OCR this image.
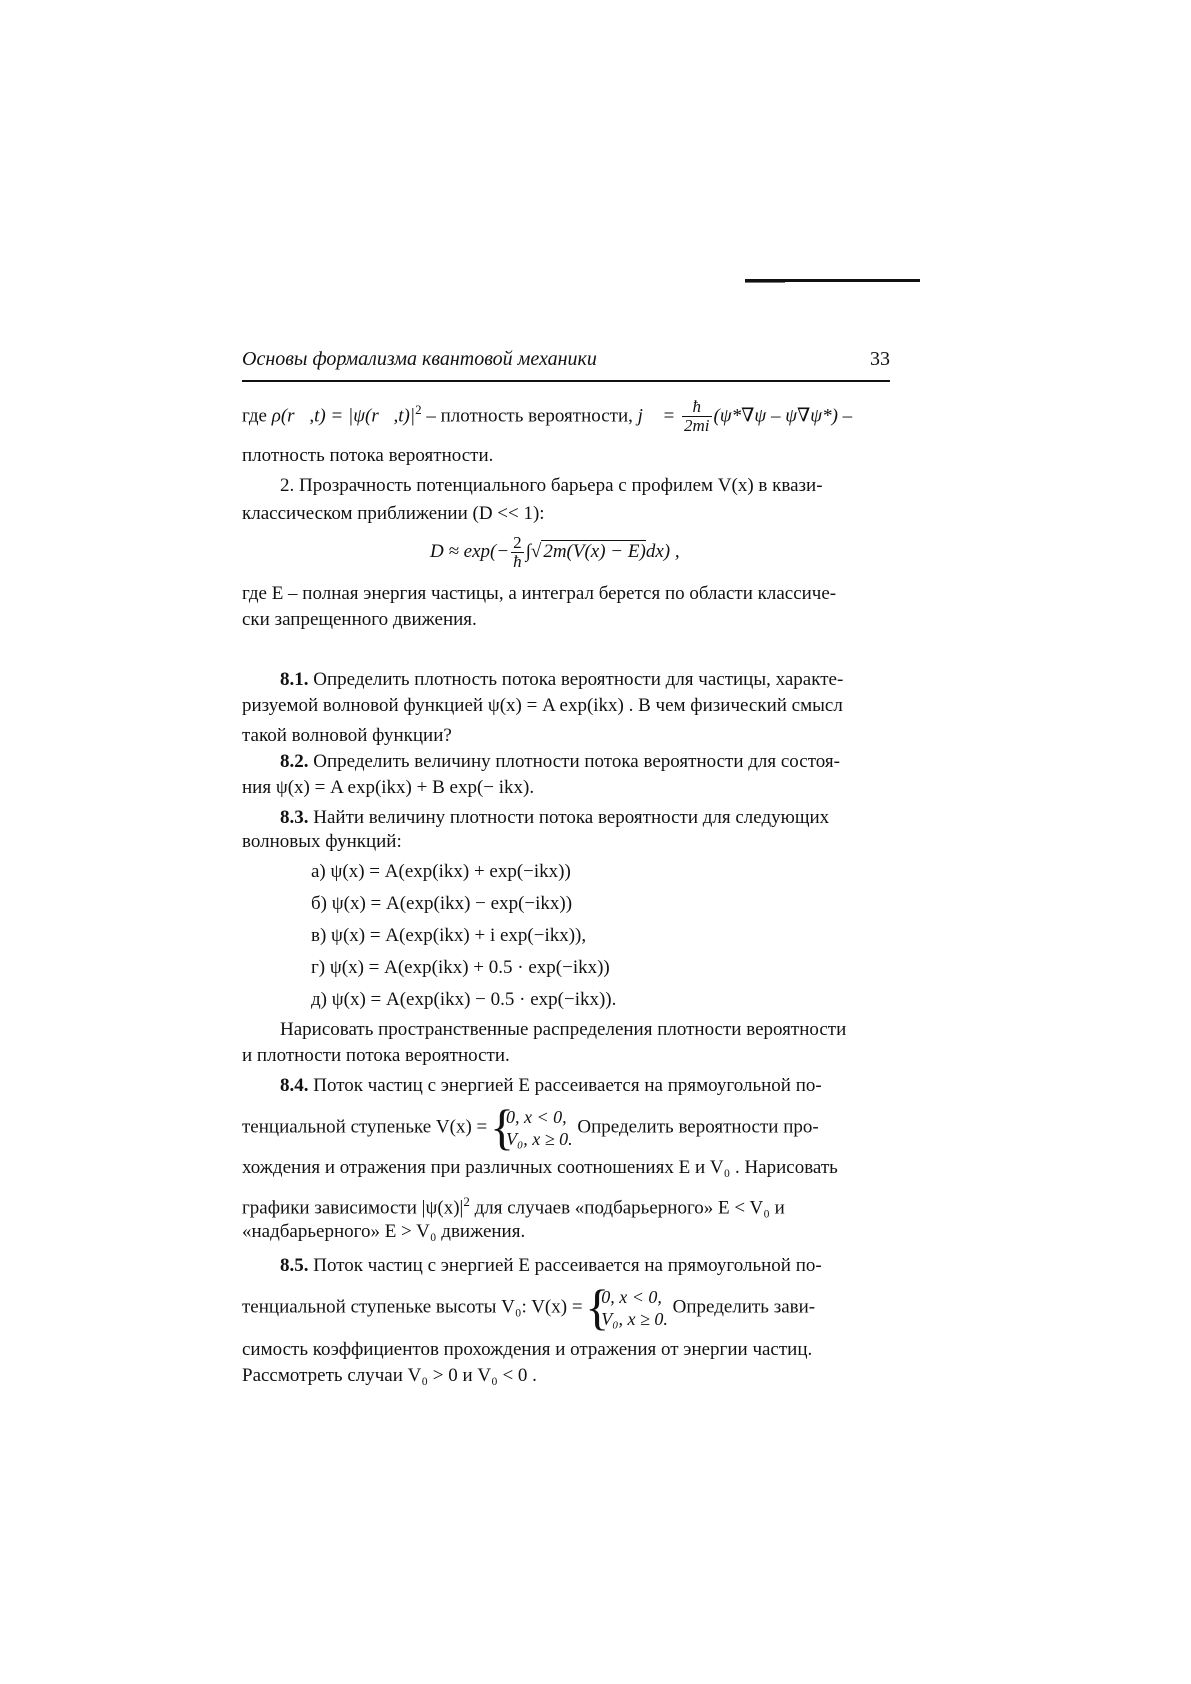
Основы формализма квантовой механики	33
где ρ(r⃗,t) = $|\psi(r⃗,t)|^2$ – плотность вероятности, j⃗ = $\frac{ħ}{2mi} (\psi*\nabla\psi - \psi\nabla\psi*)$ –
плотность потока вероятности.
2. Прозрачность потенциального барьера с профилем V(x) в квази-
классическом приближении (D << 1):
$D \approx \exp(- \frac{2}{ħ}$ ∫√ 2m(V(x) − E)dx) ,
где E – полная энергия частицы, а интеграл берется по области классиче-
ски запрещенного движения.
8.1. Определить плотность потока вероятности для частицы, характе-
ризуемой волновой функцией ψ(x) = A exp(ikx) . В чем физический смысл
такой волновой функции?
8.2. Определить величину плотности потока вероятности для состоя-
ния ψ(x) = A exp(ikx) + B exp(− ikx).
8.3. Найти величину плотности потока вероятности для следующих
волновых функций:
а) ψ(x) = A(exp(ikx) + exp(−ikx))
б) ψ(x) = A(exp(ikx) − exp(−ikx))
в) ψ(x) = A(exp(ikx) + i exp(−ikx)),
г) ψ(x) = A(exp(ikx) + 0.5 · exp(−ikx))
д) ψ(x) = A(exp(ikx) − 0.5 · exp(−ikx)).
Нарисовать пространственные распределения плотности вероятности
и плотности потока вероятности.
8.4. Поток частиц с энергией E рассеивается на прямоугольной по-
тенциальной ступеньке V(x) = { 0, x < 0,
V₀, x ≥ 0.
Определить вероятности про-
хождения и отражения при различных соотношениях E и V₀ . Нарисовать
графики зависимости $|\psi(x)|^2$ для случаев «подбарьерного» E < V₀ и
«надбарьерного» E > V₀ движения.
8.5. Поток частиц с энергией E рассеивается на прямоугольной по-
тенциальной ступеньке высоты V₀: V(x) = { 0, x < 0,
V₀, x ≥ 0.
Определить зави-
симость коэффициентов прохождения и отражения от энергии частиц.
Рассмотреть случаи V₀ > 0 и V₀ < 0 .
